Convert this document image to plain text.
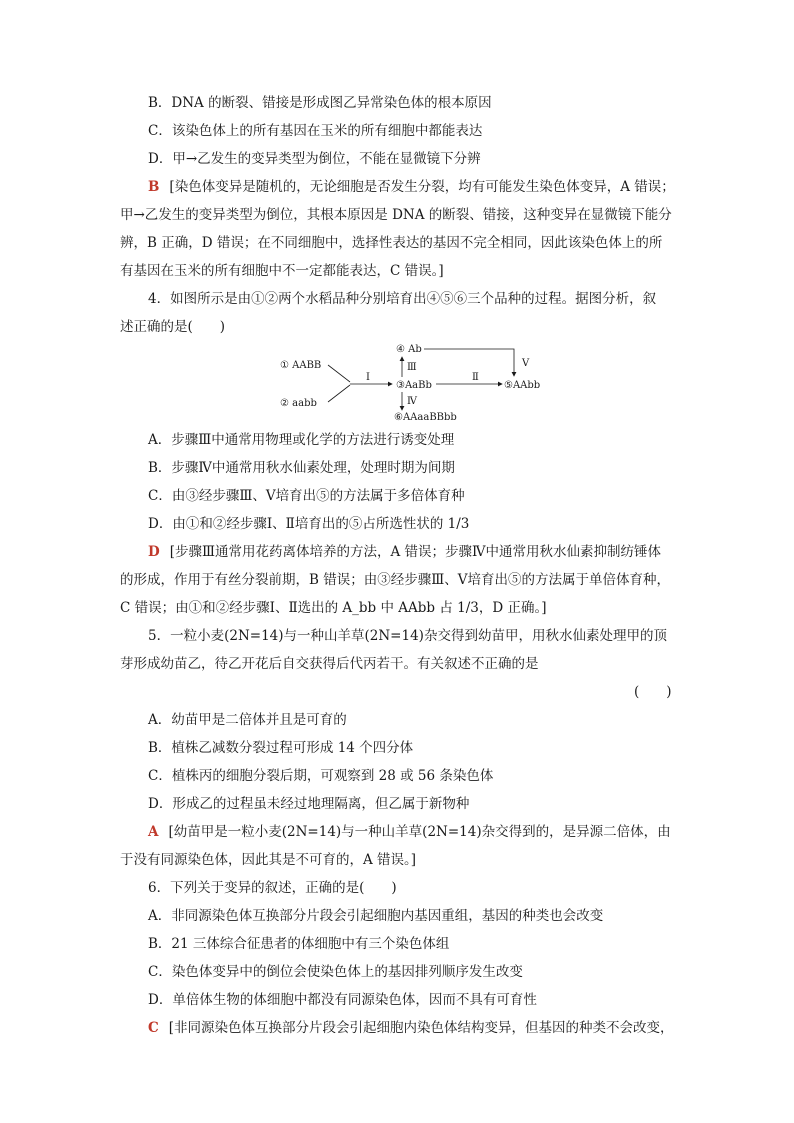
B．DNA 的断裂、错接是形成图乙异常染色体的根本原因
C．该染色体上的所有基因在玉米的所有细胞中都能表达
D．甲→乙发生的变异类型为倒位，不能在显微镜下分辨
B [染色体变异是随机的，无论细胞是否发生分裂，均有可能发生染色体变异，A 错误；
甲→乙发生的变异类型为倒位，其根本原因是 DNA 的断裂、错接，这种变异在显微镜下能分
辨，B 正确，D 错误；在不同细胞中，选择性表达的基因不完全相同，因此该染色体上的所
有基因在玉米的所有细胞中不一定都能表达，C 错误。]
4．如图所示是由①②两个水稻品种分别培育出④⑤⑥三个品种的过程。据图分析，叙
述正确的是(　　)
① AABB
② aabb
Ⅰ
③AaBb
④ Ab
Ⅲ
Ⅳ
⑥AAaaBBbb
Ⅱ
⑤AAbb
Ⅴ
A．步骤Ⅲ中通常用物理或化学的方法进行诱变处理
B．步骤Ⅳ中通常用秋水仙素处理，处理时期为间期
C．由③经步骤Ⅲ、Ⅴ培育出⑤的方法属于多倍体育种
D．由①和②经步骤Ⅰ、Ⅱ培育出的⑤占所选性状的 1/3
D [步骤Ⅲ通常用花药离体培养的方法，A 错误；步骤Ⅳ中通常用秋水仙素抑制纺锤体
的形成，作用于有丝分裂前期，B 错误；由③经步骤Ⅲ、Ⅴ培育出⑤的方法属于单倍体育种，
C 错误；由①和②经步骤Ⅰ、Ⅱ选出的 A_bb 中 AAbb 占 1/3，D 正确。]
5．一粒小麦(2N=14)与一种山羊草(2N=14)杂交得到幼苗甲，用秋水仙素处理甲的顶
芽形成幼苗乙，待乙开花后自交获得后代丙若干。有关叙述不正确的是
(　　)
A．幼苗甲是二倍体并且是可育的
B．植株乙减数分裂过程可形成 14 个四分体
C．植株丙的细胞分裂后期，可观察到 28 或 56 条染色体
D．形成乙的过程虽未经过地理隔离，但乙属于新物种
A [幼苗甲是一粒小麦(2N=14)与一种山羊草(2N=14)杂交得到的，是异源二倍体，由
于没有同源染色体，因此其是不可育的，A 错误。]
6．下列关于变异的叙述，正确的是(　　)
A．非同源染色体互换部分片段会引起细胞内基因重组，基因的种类也会改变
B．21 三体综合征患者的体细胞中有三个染色体组
C．染色体变异中的倒位会使染色体上的基因排列顺序发生改变
D．单倍体生物的体细胞中都没有同源染色体，因而不具有可育性
C [非同源染色体互换部分片段会引起细胞内染色体结构变异，但基因的种类不会改变，
